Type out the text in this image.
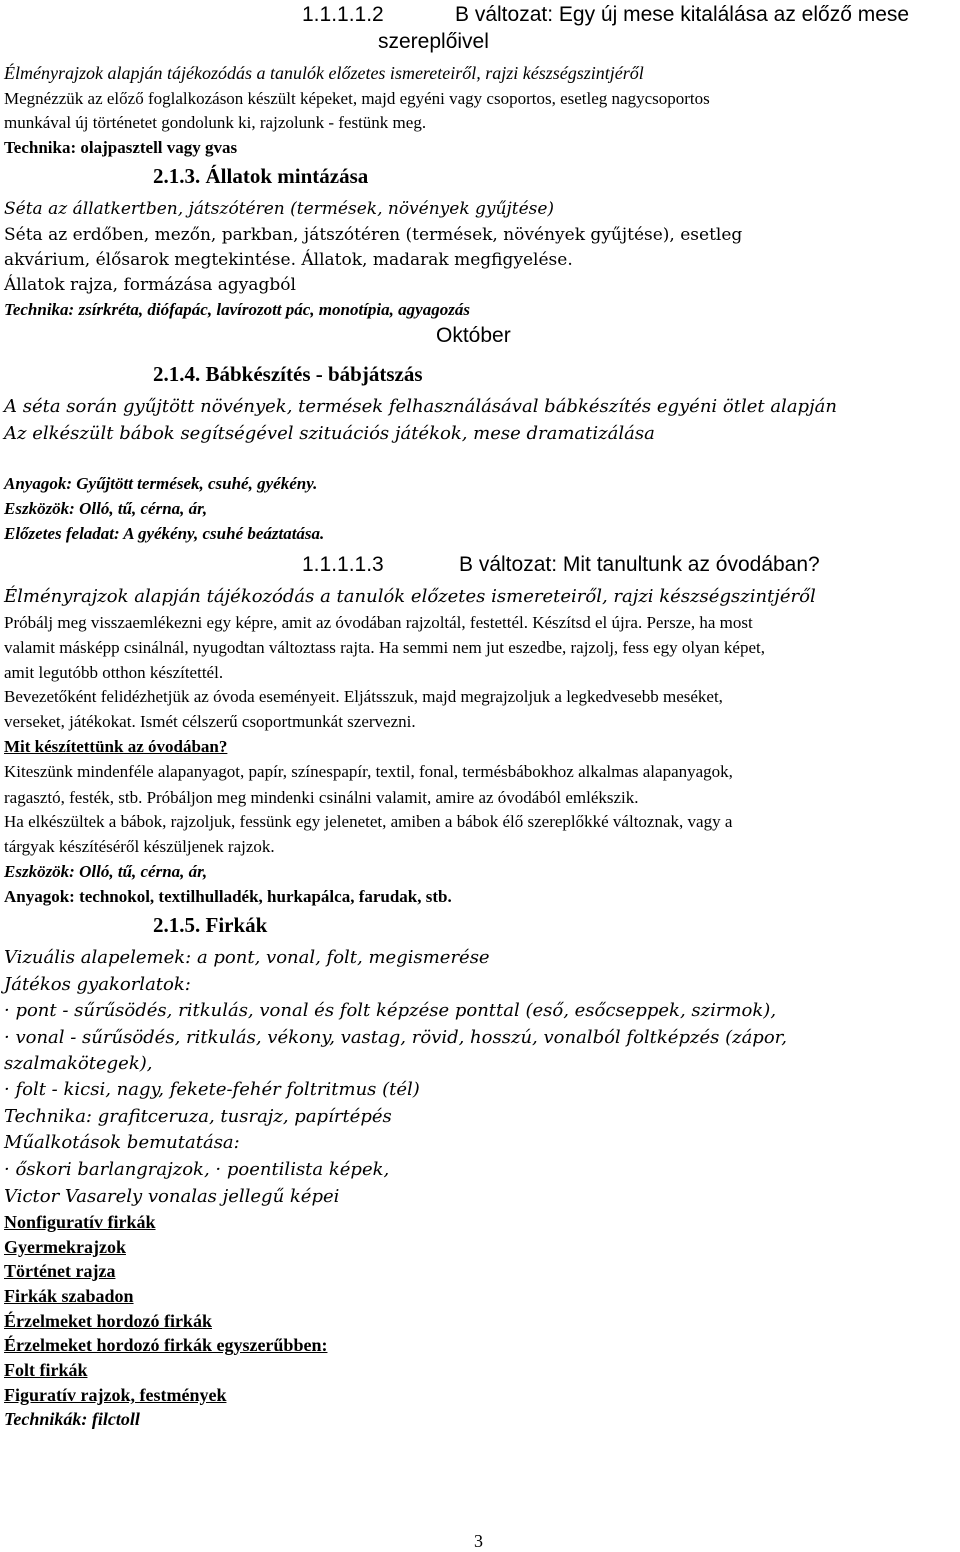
1.1.1.1.2	B változat: Egy új mese kitalálása az előző mese
szereplőivel
Élményrajzok alapján tájékozódás a tanulók előzetes ismereteiről, rajzi készségszintjéről
Megnézzük az előző foglalkozáson készült képeket, majd egyéni vagy csoportos, esetleg nagycsoportos
munkával új történetet gondolunk ki, rajzolunk - festünk meg.
Technika: olajpasztell vagy gvas
2.1.3. Állatok mintázása
Séta az állatkertben, játszótéren (termések, növények gyűjtése)
Séta az erdőben, mezőn, parkban, játszótéren (termések, növények gyűjtése), esetleg
akvárium, élősarok megtekintése. Állatok, madarak megfigyelése.
Állatok rajza, formázása agyagból
Technika: zsírkréta, diófapác, lavírozott pác, monotípia, agyagozás
Október
2.1.4. Bábkészítés - bábjátszás
A séta során gyűjtött növények, termések felhasználásával bábkészítés egyéni ötlet alapján
Az elkészült bábok segítségével szituációs játékok, mese dramatizálása
Anyagok: Gyűjtött termések, csuhé, gyékény.
Eszközök: Olló, tű, cérna, ár,
Előzetes feladat: A gyékény, csuhé beáztatása.
1.1.1.1.3	B változat: Mit tanultunk az óvodában?
Élményrajzok alapján tájékozódás a tanulók előzetes ismereteiről, rajzi készségszintjéről
Próbálj meg visszaemlékezni egy képre, amit az óvodában rajzoltál, festettél. Készítsd el újra. Persze, ha most
valamit másképp csinálnál, nyugodtan változtass rajta. Ha semmi nem jut eszedbe, rajzolj, fess egy olyan képet,
amit legutóbb otthon készítettél.
Bevezetőként felidézhetjük az óvoda eseményeit. Eljátsszuk, majd megrajzoljuk a legkedvesebb meséket,
verseket, játékokat. Ismét célszerű csoportmunkát szervezni.
Mit készítettünk az óvodában?
Kiteszünk mindenféle alapanyagot, papír, színespapír, textil, fonal, termésbábokhoz alkalmas alapanyagok,
ragasztó, festék, stb. Próbáljon meg mindenki csinálni valamit, amire az óvodából emlékszik.
Ha elkészültek a bábok, rajzoljuk, fessünk egy jelenetet, amiben a bábok élő szereplőkké változnak, vagy a
tárgyak készítéséről készüljenek rajzok.
Eszközök: Olló, tű, cérna, ár,
Anyagok: technokol, textilhulladék, hurkapálca, farudak, stb.
2.1.5. Firkák
Vizuális alapelemek: a pont, vonal, folt, megismerése
Játékos gyakorlatok:
· pont - sűrűsödés, ritkulás, vonal és folt képzése ponttal (eső, esőcseppek, szirmok),
· vonal - sűrűsödés, ritkulás, vékony, vastag, rövid, hosszú, vonalból foltképzés (zápor,
szalmakötegek),
· folt - kicsi, nagy, fekete-fehér foltritmus (tél)
Technika: grafitceruza, tusrajz, papírtépés
Műalkotások bemutatása:
· őskori barlangrajzok, · poentilista képek,
Victor Vasarely vonalas jellegű képei
Nonfiguratív firkák
Gyermekrajzok
Történet rajza
Firkák szabadon
Érzelmeket hordozó firkák
Érzelmeket hordozó firkák egyszerűbben:
Folt firkák
Figuratív rajzok, festmények
Technikák: filctoll
3
